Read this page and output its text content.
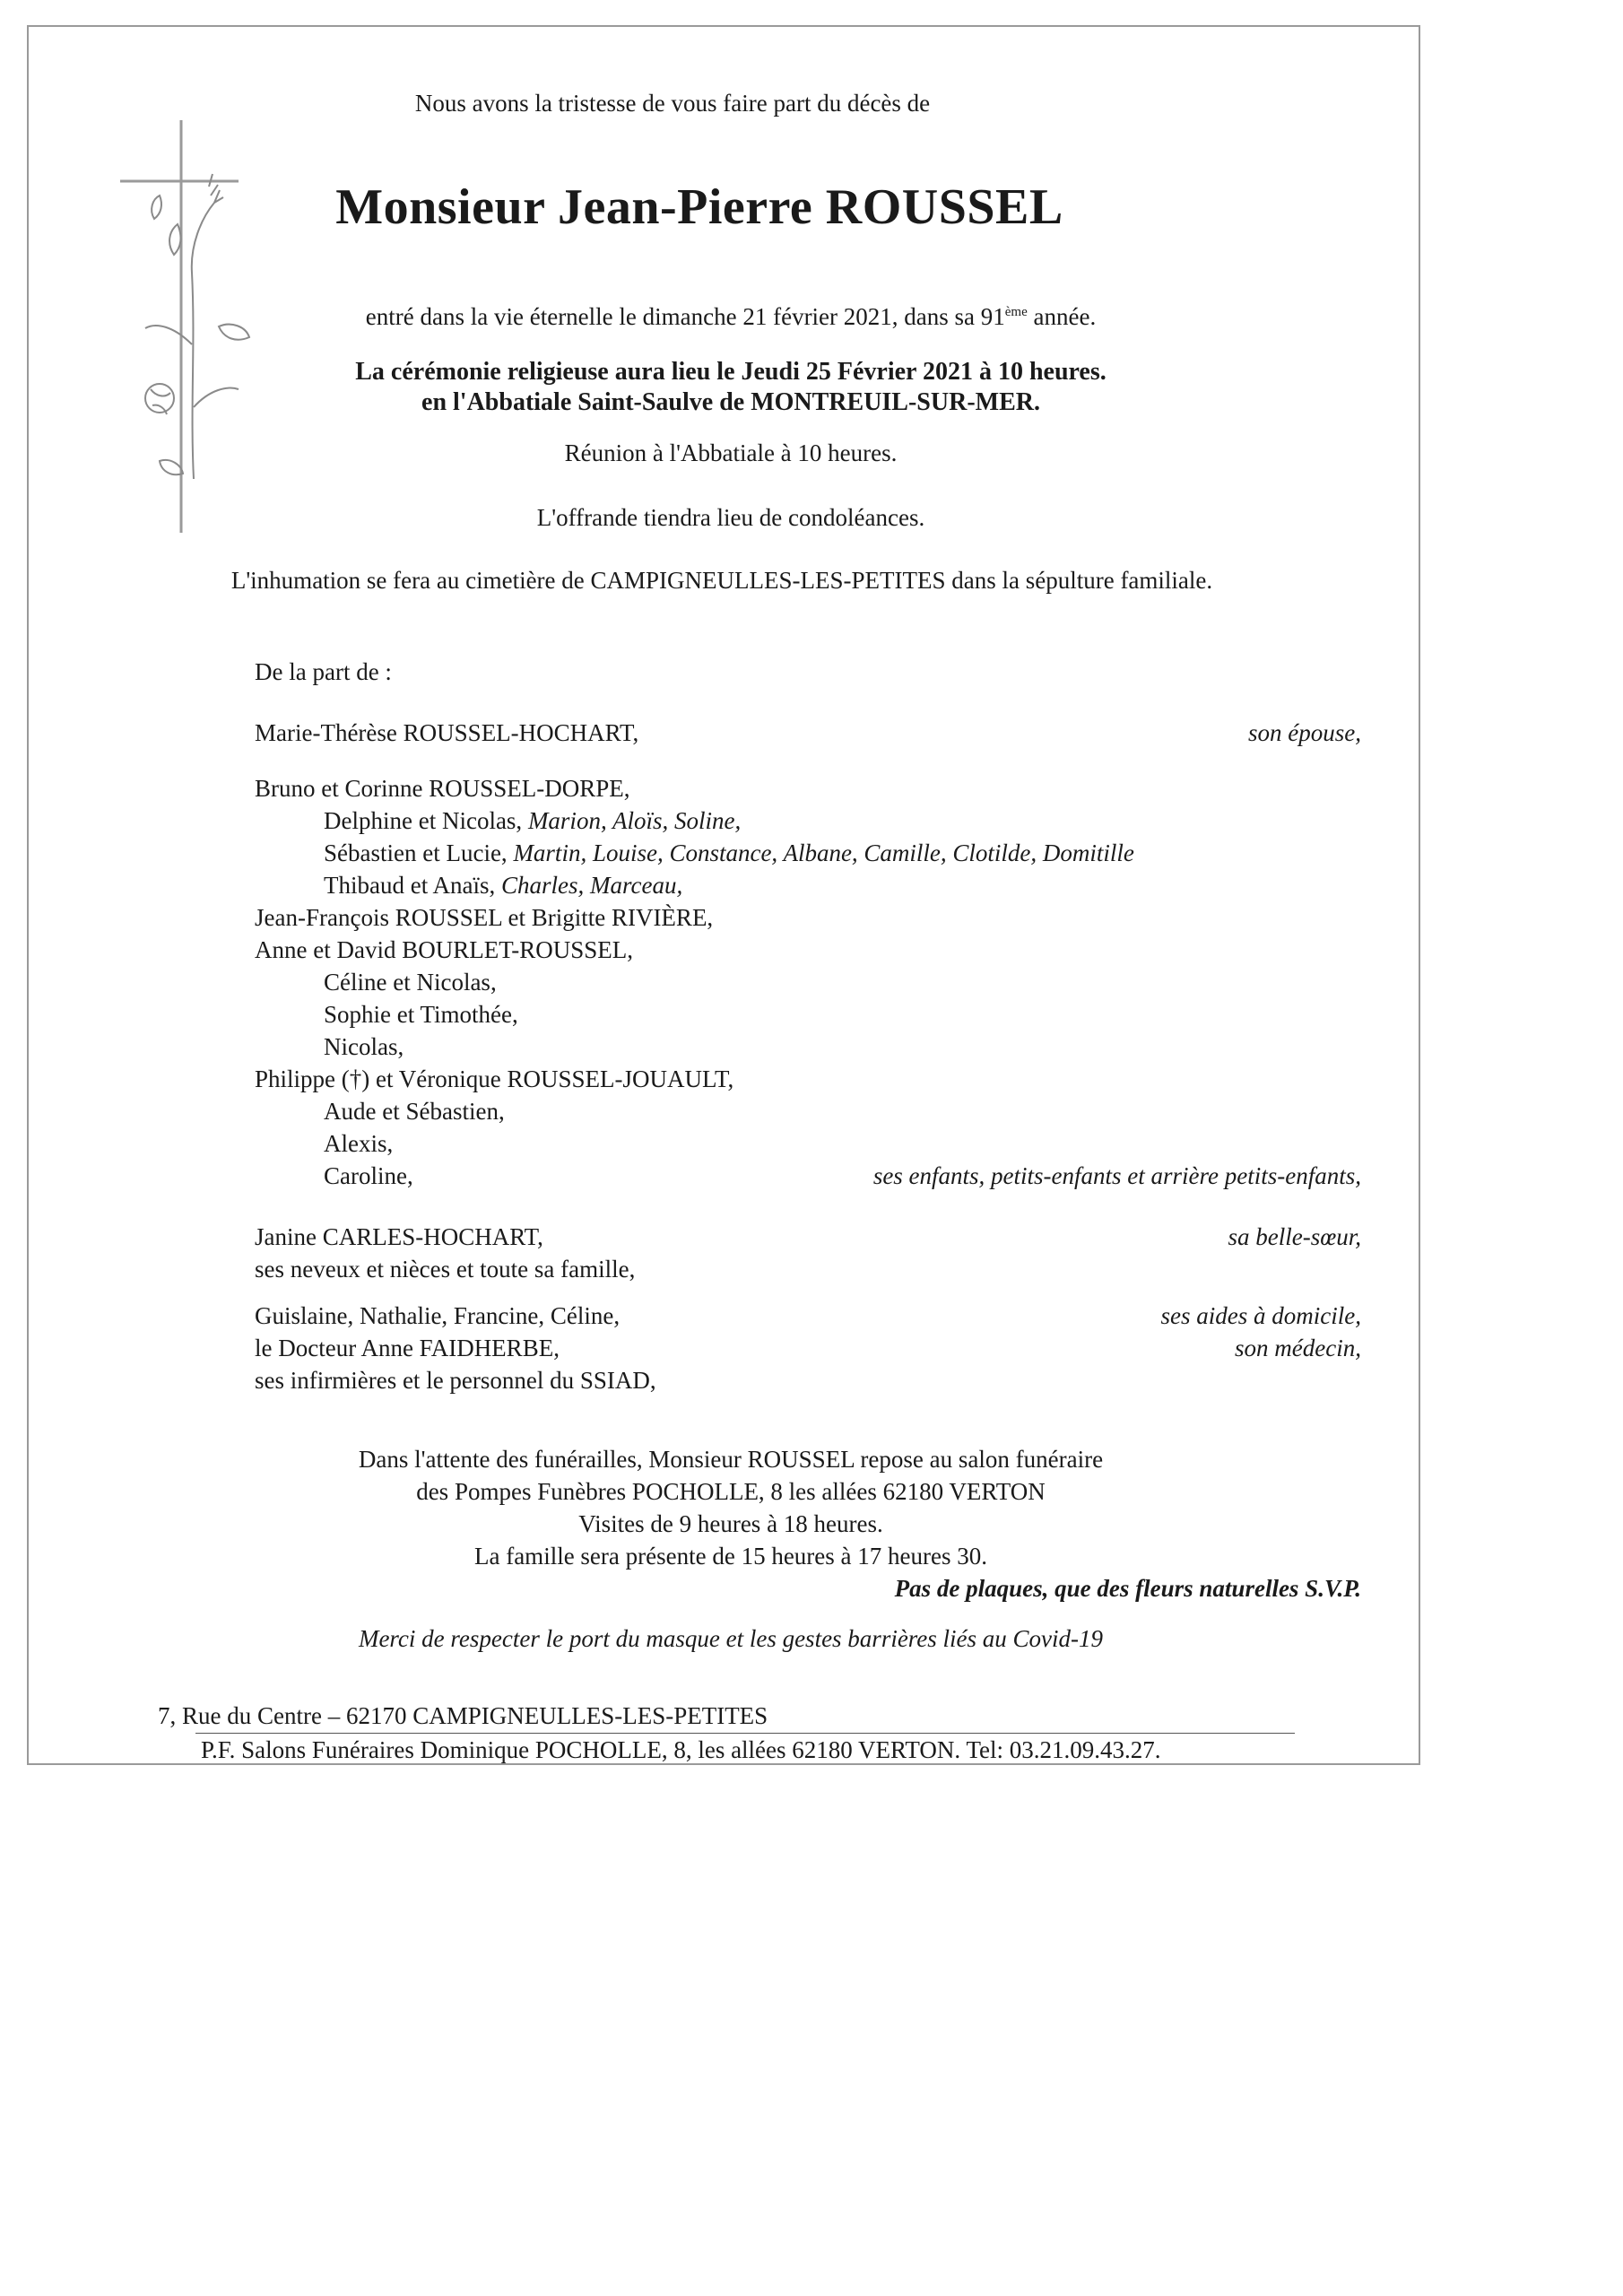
Nous avons la tristesse de vous faire part du décès de

Monsieur Jean-Pierre ROUSSEL

entré dans la vie éternelle le dimanche 21 février 2021, dans sa 91ème année.

La cérémonie religieuse aura lieu le Jeudi 25 Février 2021 à 10 heures.

en l'Abbatiale Saint-Saulve de MONTREUIL-SUR-MER.

Réunion à l'Abbatiale à 10 heures.

L'offrande tiendra lieu de condoléances.

L'inhumation se fera au cimetière de CAMPIGNEULLES-LES-PETITES dans la sépulture familiale.

De la part de :

Marie-Thérèse ROUSSEL-HOCHART,	son épouse,

Bruno et Corinne ROUSSEL-DORPE,

Delphine et Nicolas, Marion, Aloïs, Soline,

Sébastien et Lucie, Martin, Louise, Constance, Albane, Camille, Clotilde, Domitille

Thibaud et Anaïs, Charles, Marceau,

Jean-François ROUSSEL et Brigitte RIVIÈRE,

Anne et David BOURLET-ROUSSEL,

Céline et Nicolas,

Sophie et Timothée,

Nicolas,

Philippe (†) et Véronique ROUSSEL-JOUAULT,

Aude et Sébastien,

Alexis,

Caroline,	ses enfants, petits-enfants et arrière petits-enfants,

Janine CARLES-HOCHART,	sa belle-sœur,

ses neveux et nièces et toute sa famille,

Guislaine, Nathalie, Francine, Céline,	ses aides à domicile,

le Docteur Anne FAIDHERBE,	son médecin,

ses infirmières et le personnel du SSIAD,

Dans l'attente des funérailles, Monsieur ROUSSEL repose au salon funéraire

des Pompes Funèbres POCHOLLE, 8 les allées 62180 VERTON

Visites de 9 heures à 18 heures.

La famille sera présente de 15 heures à 17 heures 30.

Pas de plaques, que des fleurs naturelles S.V.P.

Merci de respecter le port du masque et les gestes barrières liés au Covid-19

7, Rue du Centre – 62170 CAMPIGNEULLES-LES-PETITES

P.F. Salons Funéraires Dominique POCHOLLE, 8, les allées 62180 VERTON. Tel: 03.21.09.43.27.
